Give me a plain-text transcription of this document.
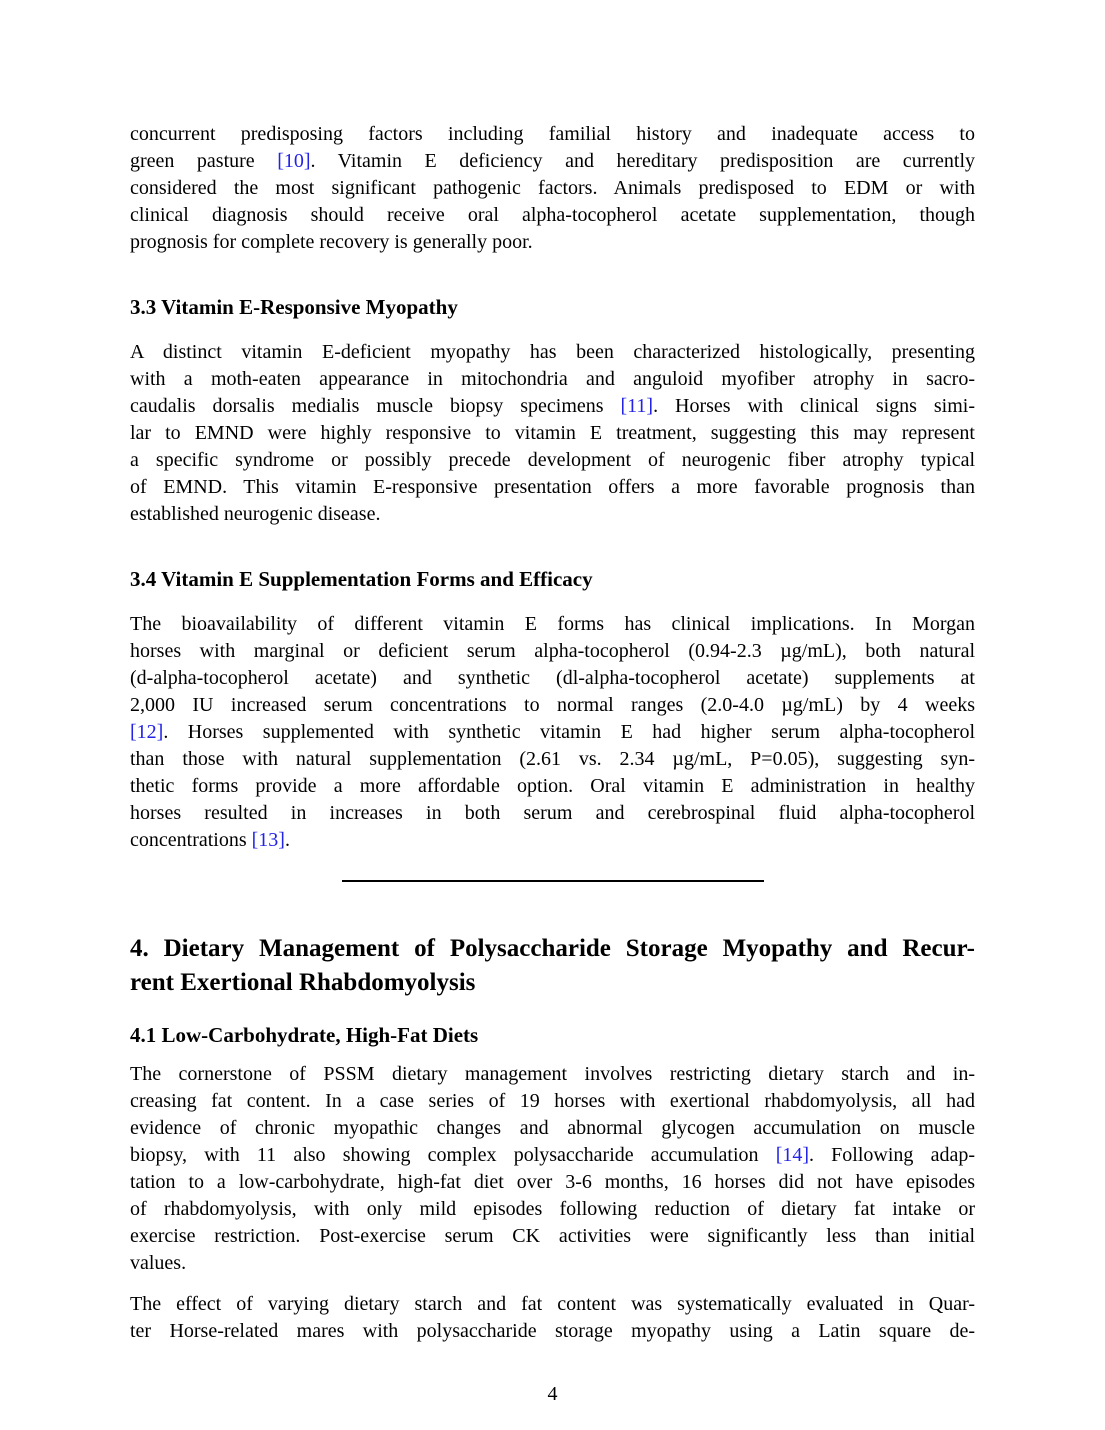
concurrent predisposing factors including familial history and inadequate access to
green pasture [10]. Vitamin E deficiency and hereditary predisposition are currently
considered the most significant pathogenic factors. Animals predisposed to EDM or with
clinical diagnosis should receive oral alpha-tocopherol acetate supplementation, though
prognosis for complete recovery is generally poor.
3.3 Vitamin E-Responsive Myopathy
A distinct vitamin E-deficient myopathy has been characterized histologically, presenting
with a moth-eaten appearance in mitochondria and anguloid myofiber atrophy in sacro-
caudalis dorsalis medialis muscle biopsy specimens [11]. Horses with clinical signs simi-
lar to EMND were highly responsive to vitamin E treatment, suggesting this may represent
a specific syndrome or possibly precede development of neurogenic fiber atrophy typical
of EMND. This vitamin E-responsive presentation offers a more favorable prognosis than
established neurogenic disease.
3.4 Vitamin E Supplementation Forms and Efficacy
The bioavailability of different vitamin E forms has clinical implications. In Morgan
horses with marginal or deficient serum alpha-tocopherol (0.94-2.3 µg/mL), both natural
(d-alpha-tocopherol acetate) and synthetic (dl-alpha-tocopherol acetate) supplements at
2,000 IU increased serum concentrations to normal ranges (2.0-4.0 µg/mL) by 4 weeks
[12]. Horses supplemented with synthetic vitamin E had higher serum alpha-tocopherol
than those with natural supplementation (2.61 vs. 2.34 µg/mL, P=0.05), suggesting syn-
thetic forms provide a more affordable option. Oral vitamin E administration in healthy
horses resulted in increases in both serum and cerebrospinal fluid alpha-tocopherol
concentrations [13].
4. Dietary Management of Polysaccharide Storage Myopathy and Recur-
rent Exertional Rhabdomyolysis
4.1 Low-Carbohydrate, High-Fat Diets
The cornerstone of PSSM dietary management involves restricting dietary starch and in-
creasing fat content. In a case series of 19 horses with exertional rhabdomyolysis, all had
evidence of chronic myopathic changes and abnormal glycogen accumulation on muscle
biopsy, with 11 also showing complex polysaccharide accumulation [14]. Following adap-
tation to a low-carbohydrate, high-fat diet over 3-6 months, 16 horses did not have episodes
of rhabdomyolysis, with only mild episodes following reduction of dietary fat intake or
exercise restriction. Post-exercise serum CK activities were significantly less than initial
values.
The effect of varying dietary starch and fat content was systematically evaluated in Quar-
ter Horse-related mares with polysaccharide storage myopathy using a Latin square de-
4
